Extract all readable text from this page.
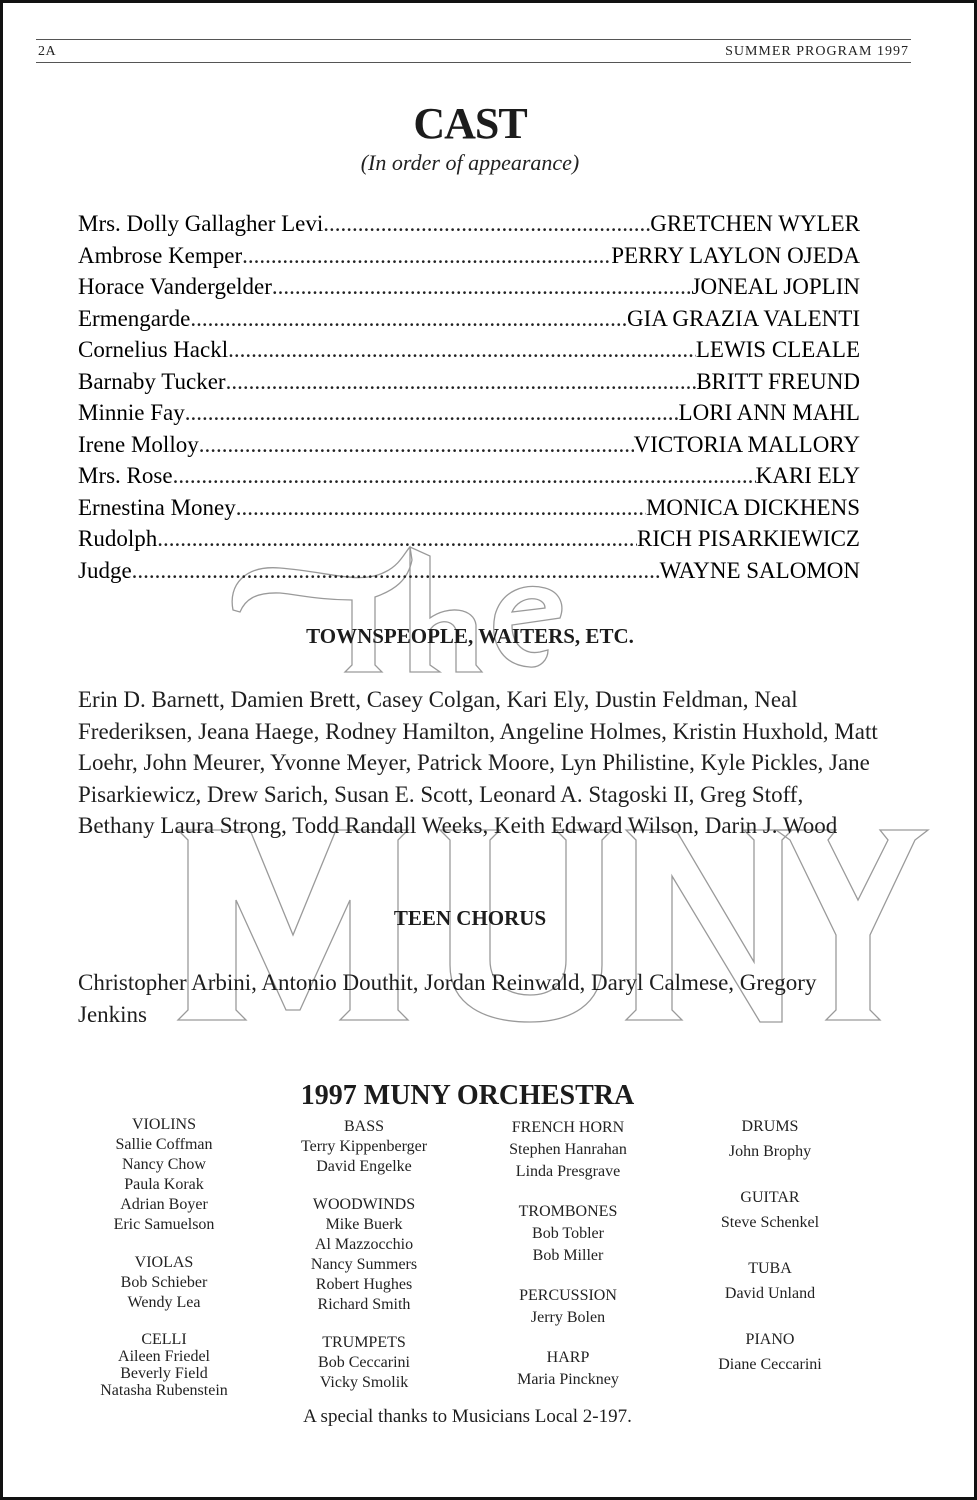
2A	SUMMER PROGRAM 1997
CAST
(In order of appearance)
Mrs. Dolly Gallagher Levi .....	GRETCHEN WYLER
Ambrose Kemper .....	PERRY LAYLON OJEDA
Horace Vandergelder .....	JONEAL JOPLIN
Ermengarde .....	GIA GRAZIA VALENTI
Cornelius Hackl .....	LEWIS CLEALE
Barnaby Tucker .....	BRITT FREUND
Minnie Fay .....	LORI ANN MAHL
Irene Molloy .....	VICTORIA MALLORY
Mrs. Rose .....	KARI ELY
Ernestina Money .....	MONICA DICKHENS
Rudolph .....	RICH PISARKIEWICZ
Judge .....	WAYNE SALOMON
TOWNSPEOPLE, WAITERS, ETC.
Erin D. Barnett, Damien Brett, Casey Colgan, Kari Ely, Dustin Feldman, Neal Frederiksen, Jeana Haege, Rodney Hamilton, Angeline Holmes, Kristin Huxhold, Matt Loehr, John Meurer, Yvonne Meyer, Patrick Moore, Lyn Philistine, Kyle Pickles, Jane Pisarkiewicz, Drew Sarich, Susan E. Scott, Leonard A. Stagoski II, Greg Stoff, Bethany Laura Strong, Todd Randall Weeks, Keith Edward Wilson, Darin J. Wood
TEEN CHORUS
Christopher Arbini, Antonio Douthit, Jordan Reinwald, Daryl Calmese, Gregory Jenkins
1997 MUNY ORCHESTRA
VIOLINS
Sallie Coffman
Nancy Chow
Paula Korak
Adrian Boyer
Eric Samuelson
VIOLAS
Bob Schieber
Wendy Lea
CELLI
Aileen Friedel
Beverly Field
Natasha Rubenstein
BASS
Terry Kippenberger
David Engelke
WOODWINDS
Mike Buerk
Al Mazzocchio
Nancy Summers
Robert Hughes
Richard Smith
TRUMPETS
Bob Ceccarini
Vicky Smolik
FRENCH HORN
Stephen Hanrahan
Linda Presgrave
TROMBONES
Bob Tobler
Bob Miller
PERCUSSION
Jerry Bolen
HARP
Maria Pinckney
DRUMS
John Brophy
GUITAR
Steve Schenkel
TUBA
David Unland
PIANO
Diane Ceccarini
A special thanks to Musicians Local 2-197.
